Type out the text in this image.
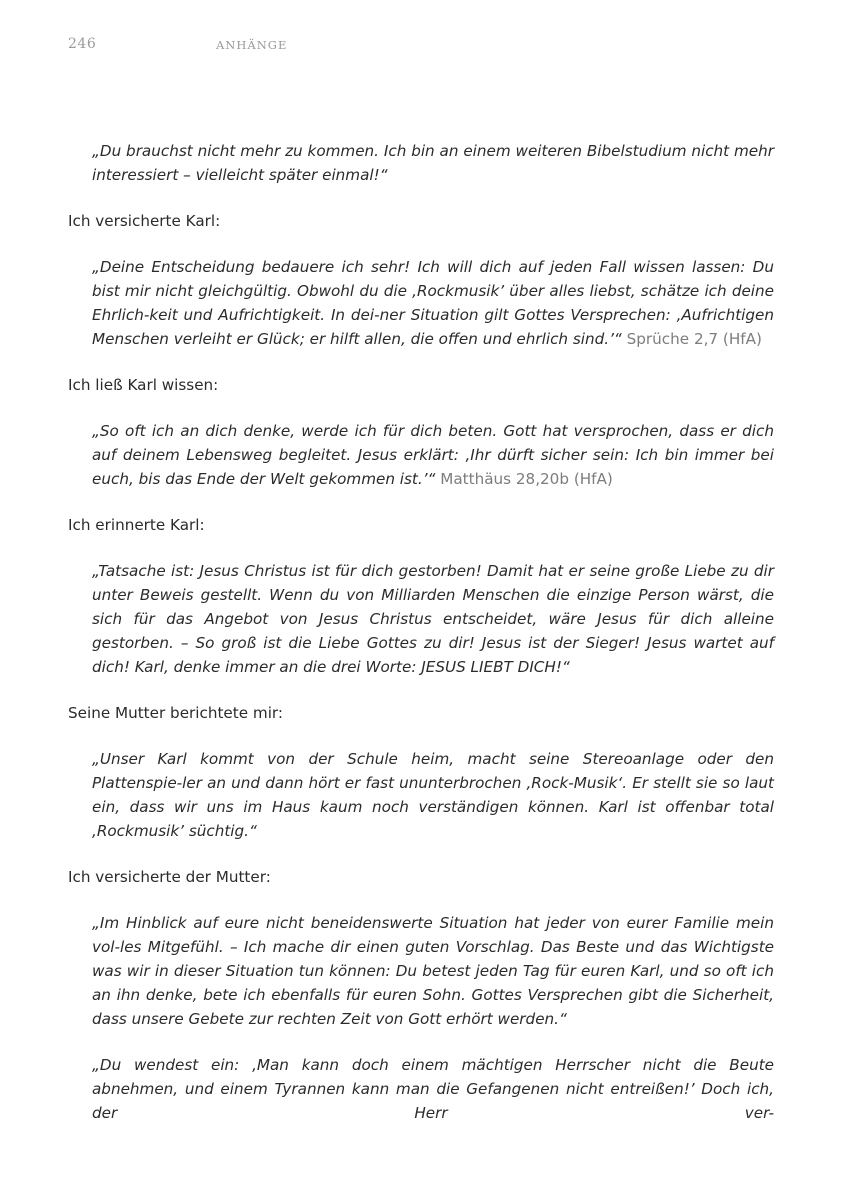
246	ANHÄNGE

„Du brauchst nicht mehr zu kommen. Ich bin an einem weiteren Bibelstudium nicht mehr interessiert – vielleicht später einmal!“

Ich versicherte Karl:

„Deine Entscheidung bedauere ich sehr! Ich will dich auf jeden Fall wissen lassen: Du bist mir nicht gleichgültig. Obwohl du die ‚Rockmusik’ über alles liebst, schätze ich deine Ehrlich-keit und Aufrichtigkeit. In dei-ner Situation gilt Gottes Versprechen: ‚Aufrichtigen Menschen verleiht er Glück; er hilft allen, die offen und ehrlich sind.’“ Sprüche 2,7 (HfA)

Ich ließ Karl wissen:

„So oft ich an dich denke, werde ich für dich beten. Gott hat versprochen, dass er dich auf deinem Lebensweg begleitet. Jesus erklärt: ‚Ihr dürft sicher sein: Ich bin immer bei euch, bis das Ende der Welt gekommen ist.’“ Matthäus 28,20b (HfA)

Ich erinnerte Karl:

„Tatsache ist: Jesus Christus ist für dich gestorben! Damit hat er seine große Liebe zu dir unter Beweis gestellt. Wenn du von Milliarden Menschen die einzige Person wärst, die sich für das Angebot von Jesus Christus entscheidet, wäre Jesus für dich alleine gestorben. – So groß ist die Liebe Gottes zu dir! Jesus ist der Sieger! Jesus wartet auf dich! Karl, denke immer an die drei Worte: JESUS LIEBT DICH!“

Seine Mutter berichtete mir:

„Unser Karl kommt von der Schule heim, macht seine Stereoanlage oder den Plattenspie-ler an und dann hört er fast ununterbrochen ‚Rock-Musik‘. Er stellt sie so laut ein, dass wir uns im Haus kaum noch verständigen können. Karl ist offenbar total ‚Rockmusik’ süchtig.“

Ich versicherte der Mutter:

„Im Hinblick auf eure nicht beneidenswerte Situation hat jeder von eurer Familie mein vol-les Mitgefühl. – Ich mache dir einen guten Vorschlag. Das Beste und das Wichtigste was wir in dieser Situation tun können: Du betest jeden Tag für euren Karl, und so oft ich an ihn denke, bete ich ebenfalls für euren Sohn. Gottes Versprechen gibt die Sicherheit, dass unsere Gebete zur rechten Zeit von Gott erhört werden.“

„Du wendest ein: ‚Man kann doch einem mächtigen Herrscher nicht die Beute abnehmen, und einem Tyrannen kann man die Gefangenen nicht entreißen!’ Doch ich, der Herr ver-
